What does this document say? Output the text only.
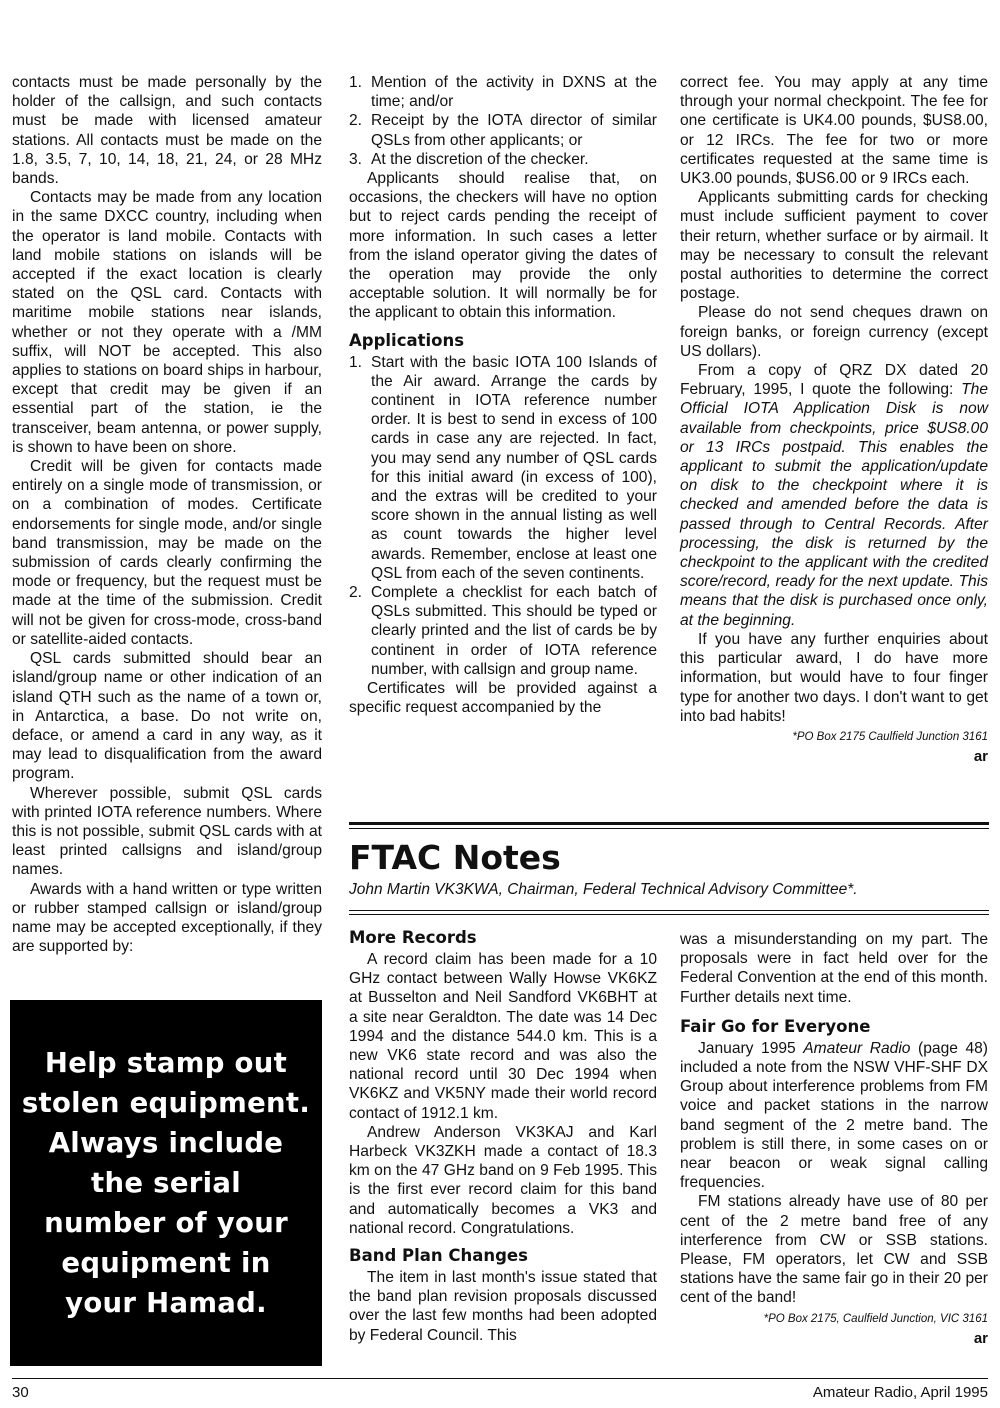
contacts must be made personally by the holder of the callsign, and such contacts must be made with licensed amateur stations. All contacts must be made on the 1.8, 3.5, 7, 10, 14, 18, 21, 24, or 28 MHz bands.

Contacts may be made from any location in the same DXCC country, including when the operator is land mobile. Contacts with land mobile stations on islands will be accepted if the exact location is clearly stated on the QSL card. Contacts with maritime mobile stations near islands, whether or not they operate with a /MM suffix, will NOT be accepted. This also applies to stations on board ships in harbour, except that credit may be given if an essential part of the station, ie the transceiver, beam antenna, or power supply, is shown to have been on shore.

Credit will be given for contacts made entirely on a single mode of transmission, or on a combination of modes. Certificate endorsements for single mode, and/or single band transmission, may be made on the submission of cards clearly confirming the mode or frequency, but the request must be made at the time of the submission. Credit will not be given for cross-mode, cross-band or satellite-aided contacts.

QSL cards submitted should bear an island/group name or other indication of an island QTH such as the name of a town or, in Antarctica, a base. Do not write on, deface, or amend a card in any way, as it may lead to disqualification from the award program.

Wherever possible, submit QSL cards with printed IOTA reference numbers. Where this is not possible, submit QSL cards with at least printed callsigns and island/group names.

Awards with a hand written or type written or rubber stamped callsign or island/group name may be accepted exceptionally, if they are supported by:

Help stamp out
stolen equipment.
Always include
the serial
number of your
equipment in
your Hamad.
1. Mention of the activity in DXNS at the time; and/or
2. Receipt by the IOTA director of similar QSLs from other applicants; or
3. At the discretion of the checker.

Applicants should realise that, on occasions, the checkers will have no option but to reject cards pending the receipt of more information. In such cases a letter from the island operator giving the dates of the operation may provide the only acceptable solution. It will normally be for the applicant to obtain this information.

Applications
1. Start with the basic IOTA 100 Islands of the Air award. Arrange the cards by continent in IOTA reference number order. It is best to send in excess of 100 cards in case any are rejected. In fact, you may send any number of QSL cards for this initial award (in excess of 100), and the extras will be credited to your score shown in the annual listing as well as count towards the higher level awards. Remember, enclose at least one QSL from each of the seven continents.
2. Complete a checklist for each batch of QSLs submitted. This should be typed or clearly printed and the list of cards be by continent in order of IOTA reference number, with callsign and group name.

Certificates will be provided against a specific request accompanied by the

correct fee. You may apply at any time through your normal checkpoint. The fee for one certificate is UK4.00 pounds, $US8.00, or 12 IRCs. The fee for two or more certificates requested at the same time is UK3.00 pounds, $US6.00 or 9 IRCs each.

Applicants submitting cards for checking must include sufficient payment to cover their return, whether surface or by airmail. It may be necessary to consult the relevant postal authorities to determine the correct postage.

Please do not send cheques drawn on foreign banks, or foreign currency (except US dollars).

From a copy of QRZ DX dated 20 February, 1995, I quote the following: The Official IOTA Application Disk is now available from checkpoints, price $US8.00 or 13 IRCs postpaid. This enables the applicant to submit the application/update on disk to the checkpoint where it is checked and amended before the data is passed through to Central Records. After processing, the disk is returned by the checkpoint to the applicant with the credited score/record, ready for the next update. This means that the disk is purchased once only, at the beginning.

If you have any further enquiries about this particular award, I do have more information, but would have to four finger type for another two days. I don't want to get into bad habits!

*PO Box 2175 Caulfield Junction 3161

ar

FTAC Notes
John Martin VK3KWA, Chairman, Federal Technical Advisory Committee*.
More Records

A record claim has been made for a 10 GHz contact between Wally Howse VK6KZ at Busselton and Neil Sandford VK6BHT at a site near Geraldton. The date was 14 Dec 1994 and the distance 544.0 km. This is a new VK6 state record and was also the national record until 30 Dec 1994 when VK6KZ and VK5NY made their world record contact of 1912.1 km.

Andrew Anderson VK3KAJ and Karl Harbeck VK3ZKH made a contact of 18.3 km on the 47 GHz band on 9 Feb 1995. This is the first ever record claim for this band and automatically becomes a VK3 and national record. Congratulations.

Band Plan Changes

The item in last month's issue stated that the band plan revision proposals discussed over the last few months had been adopted by Federal Council. This

was a misunderstanding on my part. The proposals were in fact held over for the Federal Convention at the end of this month. Further details next time.

Fair Go for Everyone

January 1995 Amateur Radio (page 48) included a note from the NSW VHF-SHF DX Group about interference problems from FM voice and packet stations in the narrow band segment of the 2 metre band. The problem is still there, in some cases on or near beacon or weak signal calling frequencies.

FM stations already have use of 80 per cent of the 2 metre band free of any interference from CW or SSB stations. Please, FM operators, let CW and SSB stations have the same fair go in their 20 per cent of the band!

*PO Box 2175, Caulfield Junction, VIC 3161

ar

30	Amateur Radio, April 1995
